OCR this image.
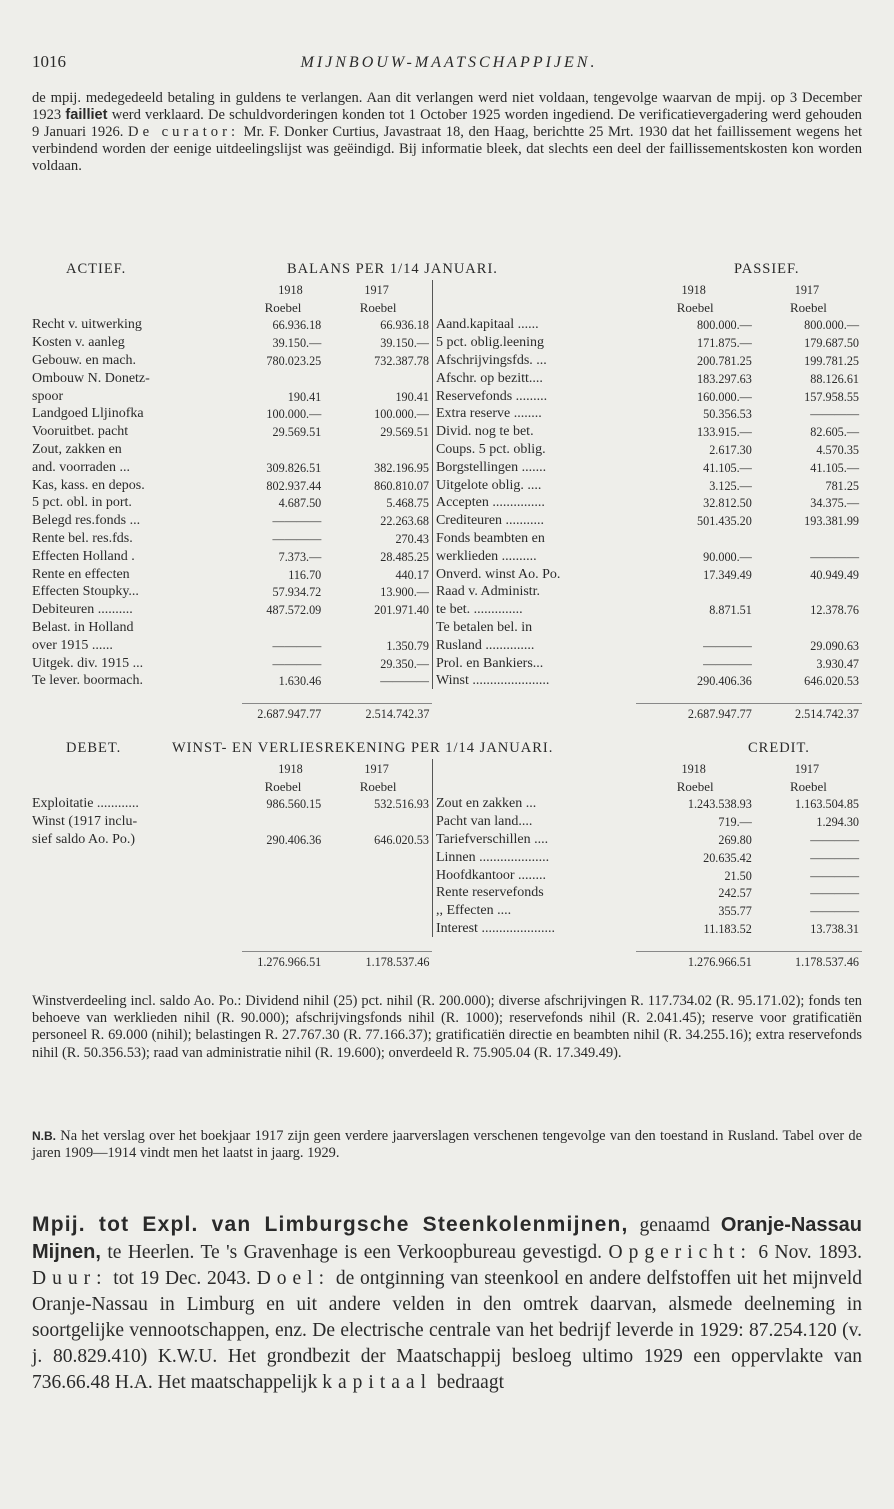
1016	MIJNBOUW-MAATSCHAPPIJEN.

de mpij. medegedeeld betaling in guldens te verlangen. Aan dit verlangen werd niet voldaan, tengevolge waarvan de mpij. op 3 December 1923 failliet werd verklaard. De schuldvorderingen konden tot 1 October 1925 worden ingediend. De verificatievergadering werd gehouden 9 Januari 1926. De curator: Mr. F. Donker Curtius, Javastraat 18, den Haag, berichtte 25 Mrt. 1930 dat het faillissement wegens het verbindend worden der eenige uitdeelingslijst was geëindigd. Bij informatie bleek, dat slechts een deel der faillissementskosten kon worden voldaan.

ACTIEF. BALANS PER 1/14 JANUARI. PASSIEF.					

	1918	1917		1918	1917
	Roebel	Roebel		Roebel	Roebel
Recht v. uitwerking	66.936.18	66.936.18	Aand.kapitaal ......	800.000.—	800.000.—
Kosten v. aanleg	39.150.—	39.150.—	5 pct. oblig.leening	171.875.—	179.687.50
Gebouw. en mach.	780.023.25	732.387.78	Afschrijvingsfds. ...	200.781.25	199.781.25
Ombouw N. Donetz-			Afschr. op bezitt....	183.297.63	88.126.61
spoor	190.41	190.41	Reservefonds .........	160.000.—	157.958.55
Landgoed Lljinofka	100.000.—	100.000.—	Extra reserve ........	50.356.53	————
Vooruitbet. pacht	29.569.51	29.569.51	Divid. nog te bet.	133.915.—	82.605.—
Zout, zakken en			Coups. 5 pct. oblig.	2.617.30	4.570.35
and. voorraden ...	309.826.51	382.196.95	Borgstellingen .......	41.105.—	41.105.—
Kas, kass. en depos.	802.937.44	860.810.07	Uitgelote oblig. ....	3.125.—	781.25
5 pct. obl. in port.	4.687.50	5.468.75	Accepten ...............	32.812.50	34.375.—
Belegd res.fonds ...	————	22.263.68	Crediteuren ...........	501.435.20	193.381.99
Rente bel. res.fds.	————	270.43	Fonds beambten en		
Effecten Holland .	7.373.—	28.485.25	werklieden ..........	90.000.—	————
Rente en effecten	116.70	440.17	Onverd. winst Ao. Po.	17.349.49	40.949.49
Effecten Stoupky...	57.934.72	13.900.—	Raad v. Administr.		
Debiteuren ..........	487.572.09	201.971.40	te bet. ..............	8.871.51	12.378.76
Belast. in Holland			Te betalen bel. in		
over 1915 ......	————	1.350.79	Rusland ..............	————	29.090.63
Uitgek. div. 1915 ...	————	29.350.—	Prol. en Bankiers...	————	3.930.47
Te lever. boormach.	1.630.46	————	Winst ......................	290.406.36	646.020.53
	2.687.947.77	2.514.742.37		2.687.947.77	2.514.742.37
DEBET. WINST- EN VERLIESREKENING PER 1/14 JANUARI. CREDIT.					

	1918	1917		1918	1917
	Roebel	Roebel		Roebel	Roebel
Exploitatie ............	986.560.15	532.516.93	Zout en zakken ...	1.243.538.93	1.163.504.85
Winst (1917 inclu-			Pacht van land....	719.—	1.294.30
sief saldo Ao. Po.)	290.406.36	646.020.53	Tariefverschillen ....	269.80	————
			Linnen ....................	20.635.42	————
			Hoofdkantoor ........	21.50	————
			Rente reservefonds	242.57	————
			,, Effecten ....	355.77	————
			Interest .....................	11.183.52	13.738.31
	1.276.966.51	1.178.537.46		1.276.966.51	1.178.537.46

Winstverdeeling incl. saldo Ao. Po.: Dividend nihil (25) pct. nihil (R. 200.000); diverse afschrijvingen R. 117.734.02 (R. 95.171.02); fonds ten behoeve van werklieden nihil (R. 90.000); afschrijvingsfonds nihil (R. 1000); reservefonds nihil (R. 2.041.45); reserve voor gratificatiën personeel R. 69.000 (nihil); belastingen R. 27.767.30 (R. 77.166.37); gratificatiën directie en beambten nihil (R. 34.255.16); extra reservefonds nihil (R. 50.356.53); raad van administratie nihil (R. 19.600); onverdeeld R. 75.905.04 (R. 17.349.49).

N.B. Na het verslag over het boekjaar 1917 zijn geen verdere jaarverslagen verschenen tengevolge van den toestand in Rusland. Tabel over de jaren 1909—1914 vindt men het laatst in jaarg. 1929.

Mpij. tot Expl. van Limburgsche Steenkolenmijnen, genaamd Oranje-Nassau Mijnen, te Heerlen. Te 's Gravenhage is een Verkoopbureau gevestigd. Opgericht: 6 Nov. 1893. Duur: tot 19 Dec. 2043. Doel: de ontginning van steenkool en andere delfstoffen uit het mijnveld Oranje-Nassau in Limburg en uit andere velden in den omtrek daarvan, alsmede deelneming in soortgelijke vennootschappen, enz. De electrische centrale van het bedrijf leverde in 1929: 87.254.120 (v. j. 80.829.410) K.W.U. Het grondbezit der Maatschappij besloeg ultimo 1929 een oppervlakte van 736.66.48 H.A. Het maatschappelijk kapitaal bedraagt
